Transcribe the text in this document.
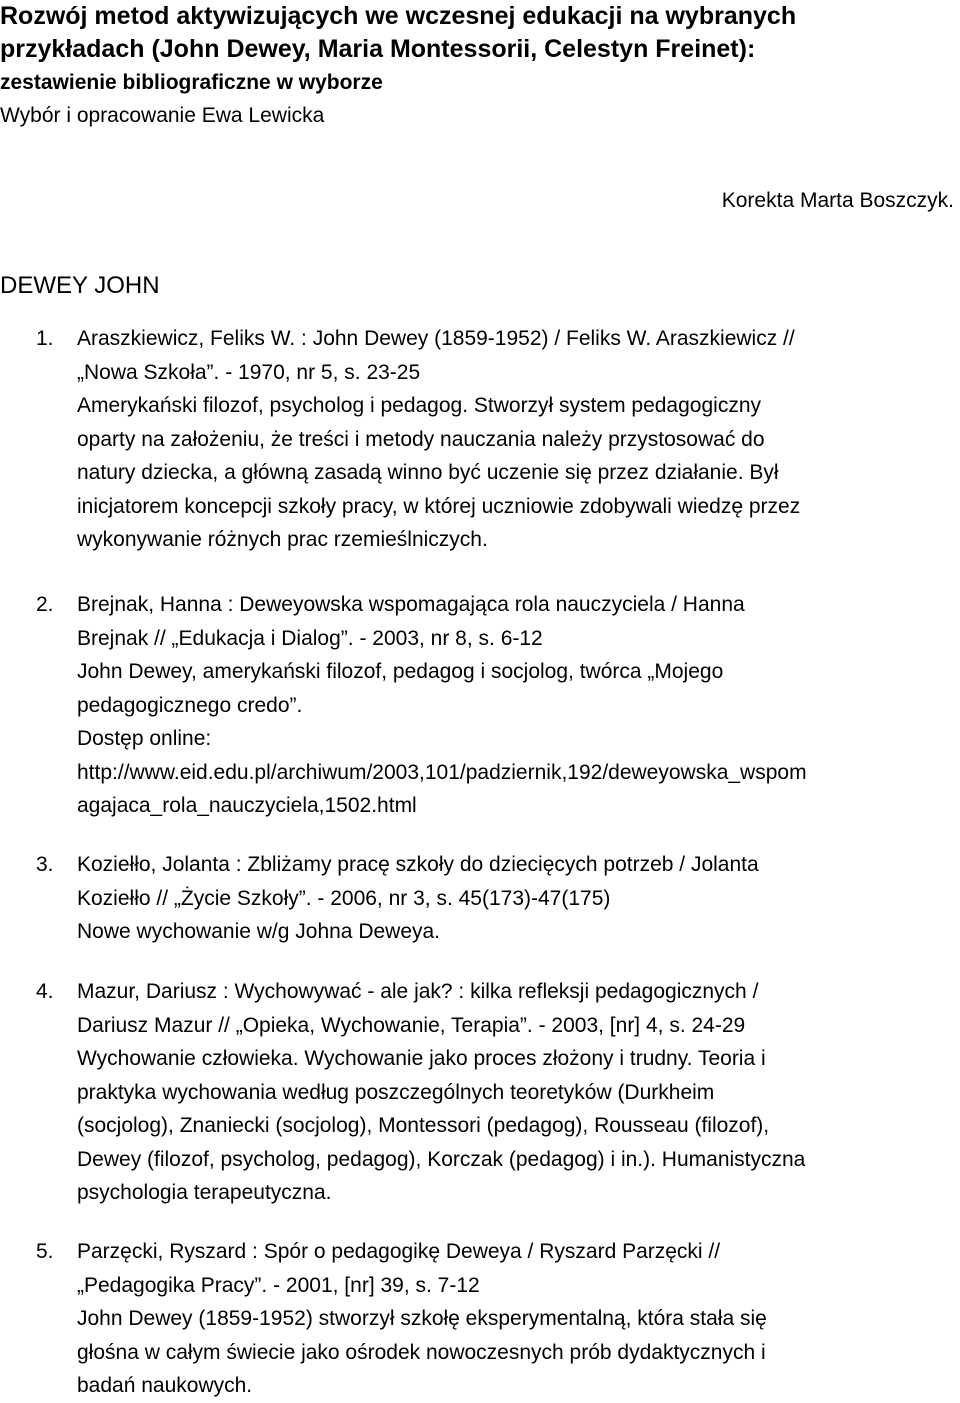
Rozwój metod aktywizujących we wczesnej edukacji na wybranych
przykładach (John Dewey, Maria Montessorii, Celestyn Freinet):
zestawienie bibliograficzne w wyborze
Wybór i opracowanie Ewa Lewicka
Korekta Marta Boszczyk.
DEWEY JOHN
1. Araszkiewicz, Feliks W. : John Dewey (1859-1952) / Feliks W. Araszkiewicz //
„Nowa Szkoła”. - 1970, nr 5, s. 23-25
Amerykański filozof, psycholog i pedagog. Stworzył system pedagogiczny
oparty na założeniu, że treści i metody nauczania należy przystosować do
natury dziecka, a główną zasadą winno być uczenie się przez działanie. Był
inicjatorem koncepcji szkoły pracy, w której uczniowie zdobywali wiedzę przez
wykonywanie różnych prac rzemieślniczych.
2. Brejnak, Hanna : Deweyowska wspomagająca rola nauczyciela / Hanna
Brejnak // „Edukacja i Dialog”. - 2003, nr 8, s. 6-12
John Dewey, amerykański filozof, pedagog i socjolog, twórca „Mojego
pedagogicznego credo”.
Dostęp online:
http://www.eid.edu.pl/archiwum/2003,101/padziernik,192/deweyowska_wspom
agajaca_rola_nauczyciela,1502.html
3. Koziełło, Jolanta : Zbliżamy pracę szkoły do dziecięcych potrzeb / Jolanta
Koziełło // „Życie Szkoły”. - 2006, nr 3, s. 45(173)-47(175)
Nowe wychowanie w/g Johna Deweya.
4. Mazur, Dariusz : Wychowywać - ale jak? : kilka refleksji pedagogicznych /
Dariusz Mazur // „Opieka, Wychowanie, Terapia”. - 2003, [nr] 4, s. 24-29
Wychowanie człowieka. Wychowanie jako proces złożony i trudny. Teoria i
praktyka wychowania według poszczególnych teoretyków (Durkheim
(socjolog), Znaniecki (socjolog), Montessori (pedagog), Rousseau (filozof),
Dewey (filozof, psycholog, pedagog), Korczak (pedagog) i in.). Humanistyczna
psychologia terapeutyczna.
5. Parzęcki, Ryszard : Spór o pedagogikę Deweya / Ryszard Parzęcki //
„Pedagogika Pracy”. - 2001, [nr] 39, s. 7-12
John Dewey (1859-1952) stworzył szkołę eksperymentalną, która stała się
głośna w całym świecie jako ośrodek nowoczesnych prób dydaktycznych i
badań naukowych.
